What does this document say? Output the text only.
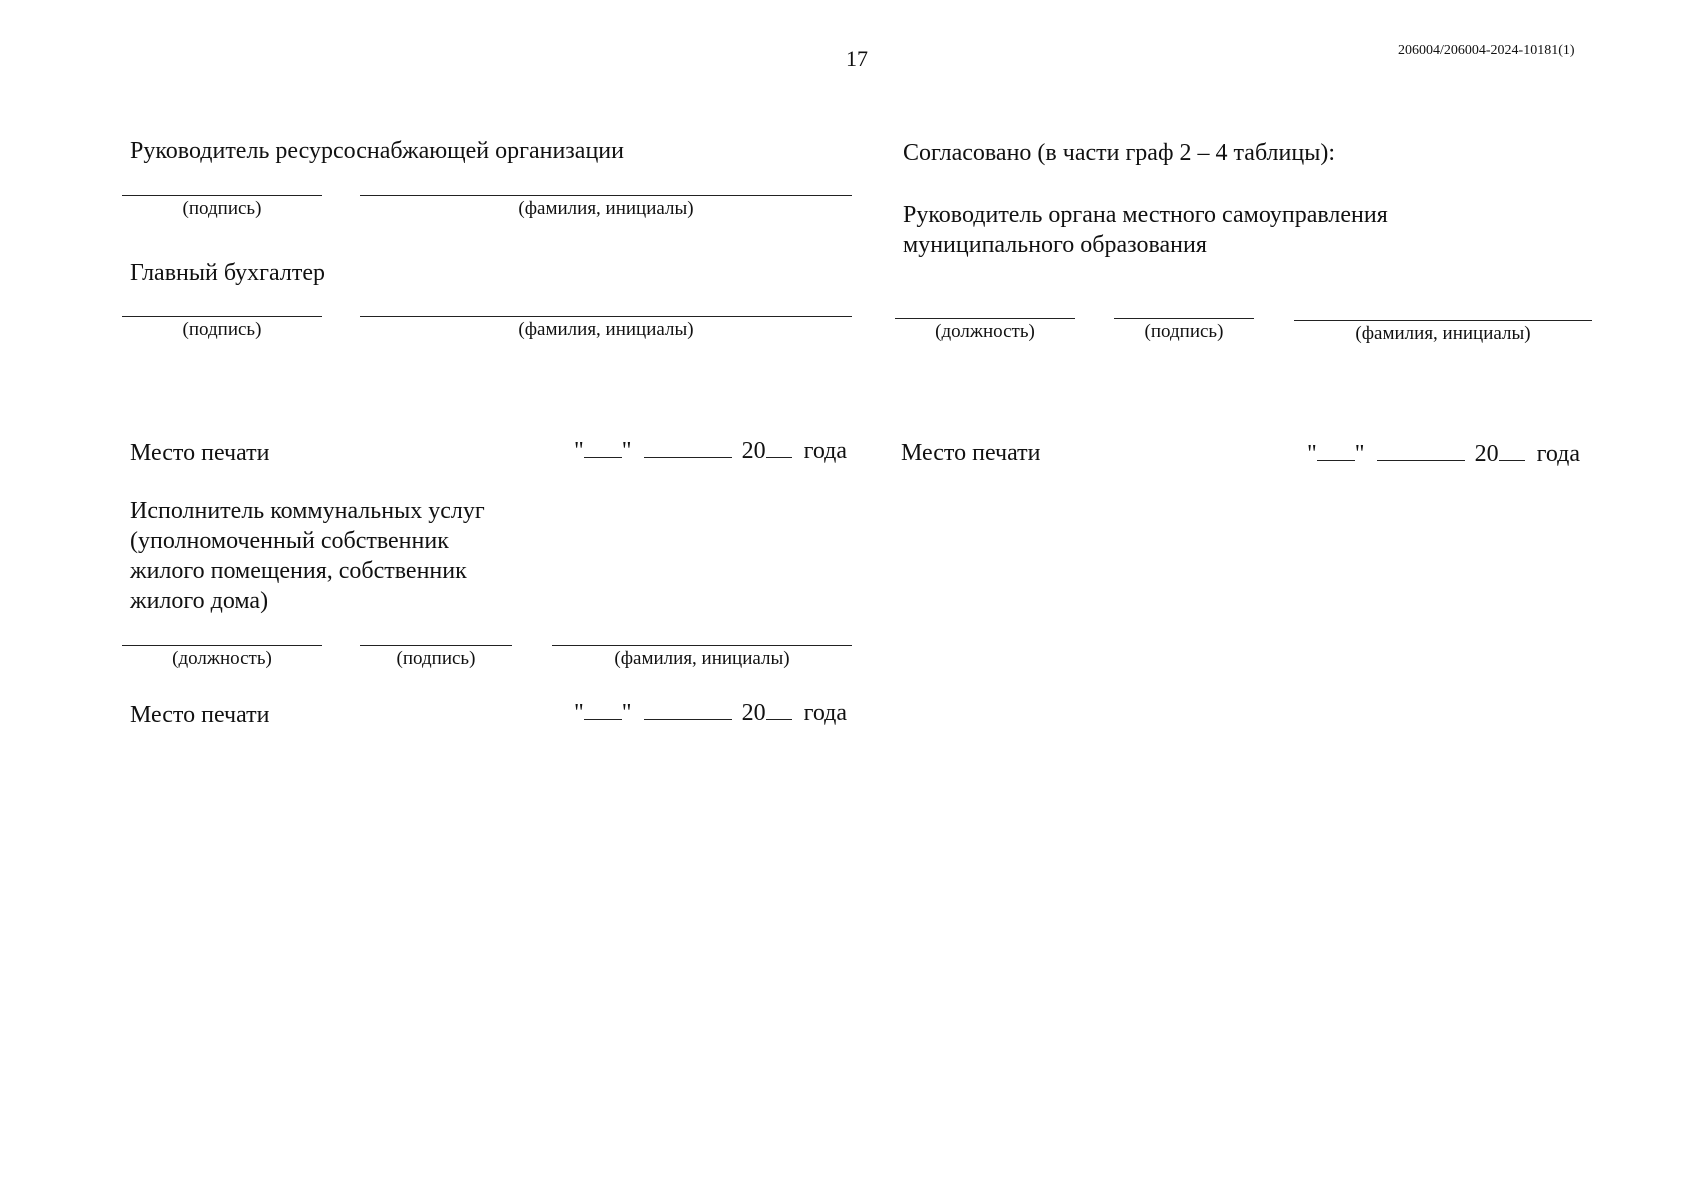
17	206004/206004-2024-10181(1)
Руководитель ресурсоснабжающей организации
(подпись)	(фамилия, инициалы)
Главный бухгалтер
(подпись)	(фамилия, инициалы)
Место печати	" "	20 года
Исполнитель коммунальных услуг
(уполномоченный собственник
жилого помещения, собственник
жилого дома)
(должность)	(подпись)	(фамилия, инициалы)
Место печати	" "	20 года
Согласовано (в части граф 2 – 4 таблицы):
Руководитель органа местного самоуправления
муниципального образования
(должность)	(подпись)	(фамилия, инициалы)
Место печати	" "	20 года
